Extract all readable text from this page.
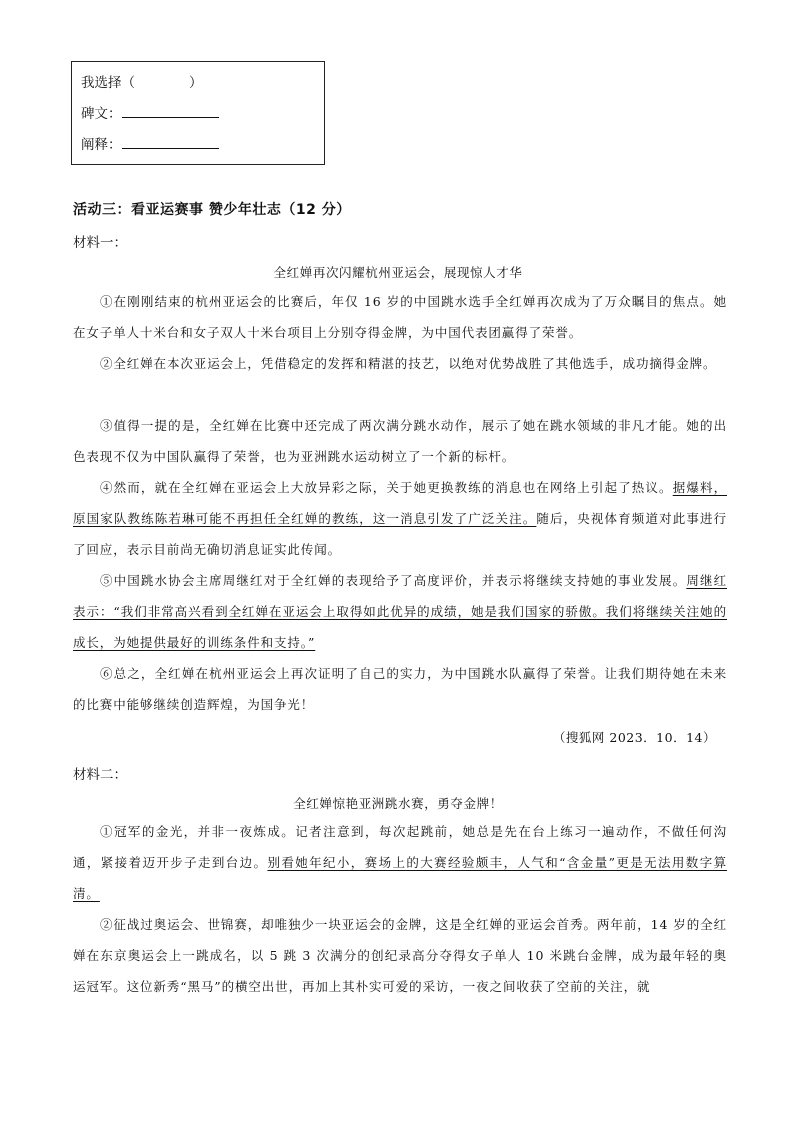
我选择（	）
碑文：
阐释：
活动三：看亚运赛事 赞少年壮志（12 分）
材料一：
全红婵再次闪耀杭州亚运会，展现惊人才华
①在刚刚结束的杭州亚运会的比赛后，年仅 16 岁的中国跳水选手全红婵再次成为了万众瞩目的焦点。她在女子单人十米台和女子双人十米台项目上分别夺得金牌，为中国代表团赢得了荣誉。
②全红婵在本次亚运会上，凭借稳定的发挥和精湛的技艺，以绝对优势战胜了其他选手，成功摘得金牌。
③值得一提的是，全红婵在比赛中还完成了两次满分跳水动作，展示了她在跳水领域的非凡才能。她的出色表现不仅为中国队赢得了荣誉，也为亚洲跳水运动树立了一个新的标杆。
④然而，就在全红婵在亚运会上大放异彩之际，关于她更换教练的消息也在网络上引起了热议。据爆料，原国家队教练陈若琳可能不再担任全红婵的教练，这一消息引发了广泛关注。随后，央视体育频道对此事进行了回应，表示目前尚无确切消息证实此传闻。
⑤中国跳水协会主席周继红对于全红婵的表现给予了高度评价，并表示将继续支持她的事业发展。周继红表示：“我们非常高兴看到全红婵在亚运会上取得如此优异的成绩，她是我们国家的骄傲。我们将继续关注她的成长，为她提供最好的训练条件和支持。”
⑥总之，全红婵在杭州亚运会上再次证明了自己的实力，为中国跳水队赢得了荣誉。让我们期待她在未来的比赛中能够继续创造辉煌，为国争光！
（搜狐网 2023．10．14）
材料二：
全红婵惊艳亚洲跳水赛，勇夺金牌！
①冠军的金光，并非一夜炼成。记者注意到，每次起跳前，她总是先在台上练习一遍动作，不做任何沟通，紧接着迈开步子走到台边。别看她年纪小，赛场上的大赛经验颇丰，人气和“含金量”更是无法用数字算清。
②征战过奥运会、世锦赛，却唯独少一块亚运会的金牌，这是全红婵的亚运会首秀。两年前，14 岁的全红婵在东京奥运会上一跳成名，以 5 跳 3 次满分的创纪录高分夺得女子单人 10 米跳台金牌，成为最年轻的奥运冠军。这位新秀“黑马”的横空出世，再加上其朴实可爱的采访，一夜之间收获了空前的关注，就
